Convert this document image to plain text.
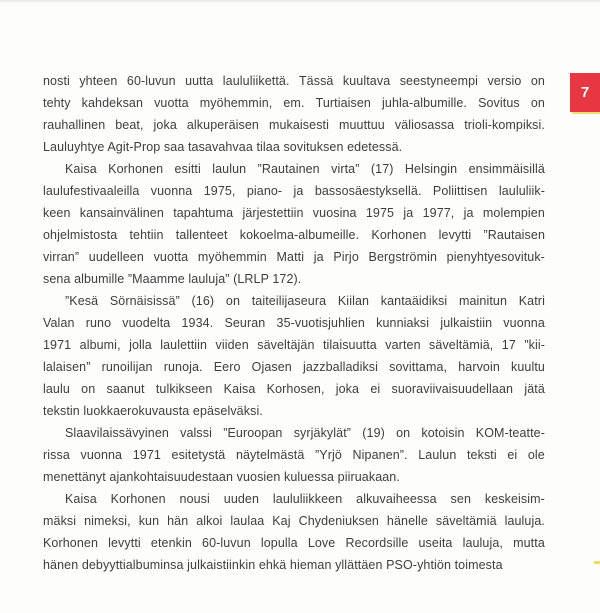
7
nosti yhteen 60-luvun uutta laululiikettä. Tässä kuultava seestyneempi versio on
tehty kahdeksan vuotta myöhemmin, em. Turtiaisen juhla-albumille. Sovitus on
rauhallinen beat, joka alkuperäisen mukaisesti muuttuu väliosassa trioli-kompiksi.
Lauluyhtye Agit-Prop saa tasavahvaa tilaa sovituksen edetessä.
Kaisa Korhonen esitti laulun ”Rautainen virta” (17) Helsingin ensimmäisillä
laulufestivaaleilla vuonna 1975, piano- ja bassosäestyksellä. Poliittisen laululiik-
keen kansainvälinen tapahtuma järjestettiin vuosina 1975 ja 1977, ja molempien
ohjelmistosta tehtiin tallenteet kokoelma-albumeille. Korhonen levytti ”Rautaisen
virran” uudelleen vuotta myöhemmin Matti ja Pirjo Bergströmin pienyhtyesovituk-
sena albumille ”Maamme lauluja” (LRLP 172).
”Kesä Sörnäisissä” (16) on taiteilijaseura Kiilan kantaäidiksi mainitun Katri
Valan runo vuodelta 1934. Seuran 35-vuotisjuhlien kunniaksi julkaistiin vuonna
1971 albumi, jolla laulettiin viiden säveltäjän tilaisuutta varten säveltämiä, 17 ”kii-
lalaisen” runoilijan runoja. Eero Ojasen jazzballadiksi sovittama, harvoin kuultu
laulu on saanut tulkikseen Kaisa Korhosen, joka ei suoraviivaisuudellaan jätä
tekstin luokkaerokuvausta epäselväksi.
Slaavilaissävyinen valssi ”Euroopan syrjäkylät” (19) on kotoisin KOM-teatte-
rissa vuonna 1971 esitetystä näytelmästä ”Yrjö Nipanen”. Laulun teksti ei ole
menettänyt ajankohtaisuudestaan vuosien kuluessa piiruakaan.
Kaisa Korhonen nousi uuden laululiikkeen alkuvaiheessa sen keskeisim-
mäksi nimeksi, kun hän alkoi laulaa Kaj Chydeniuksen hänelle säveltämiä lauluja.
Korhonen levytti etenkin 60-luvun lopulla Love Recordsille useita lauluja, mutta
hänen debyyttialbuminsa julkaistiinkin ehkä hieman yllättäen PSO-yhtiön toimesta
